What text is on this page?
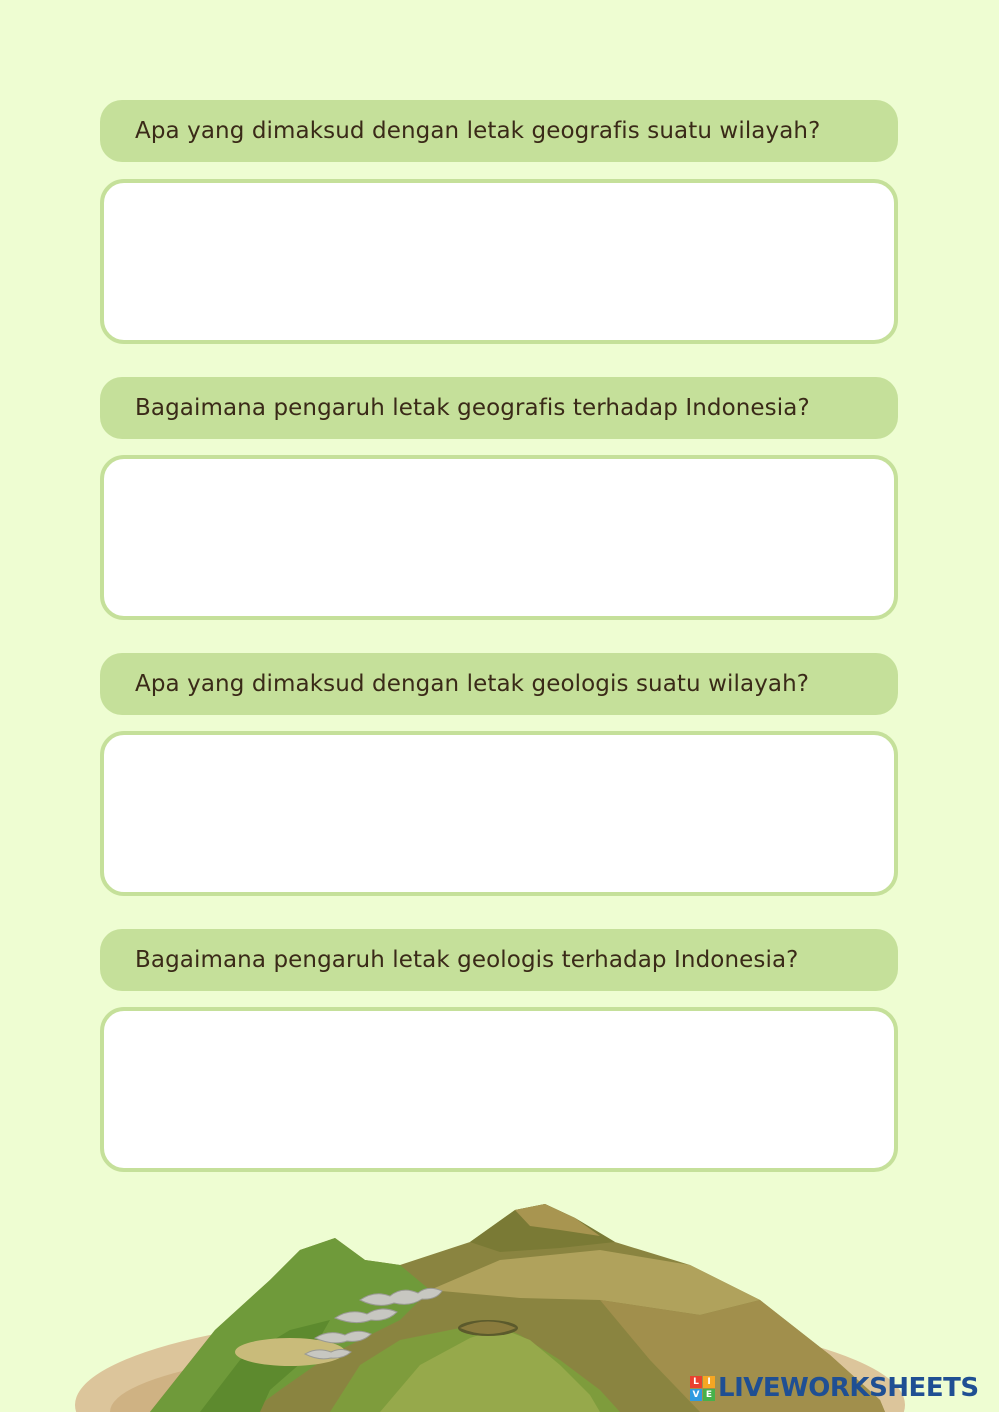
Apa yang dimaksud dengan letak geografis suatu wilayah?
Bagaimana pengaruh letak geografis terhadap Indonesia?
Apa yang dimaksud dengan letak geologis suatu wilayah?
Bagaimana pengaruh letak geologis terhadap Indonesia?
L I
V E LIVEWORKSHEETS
